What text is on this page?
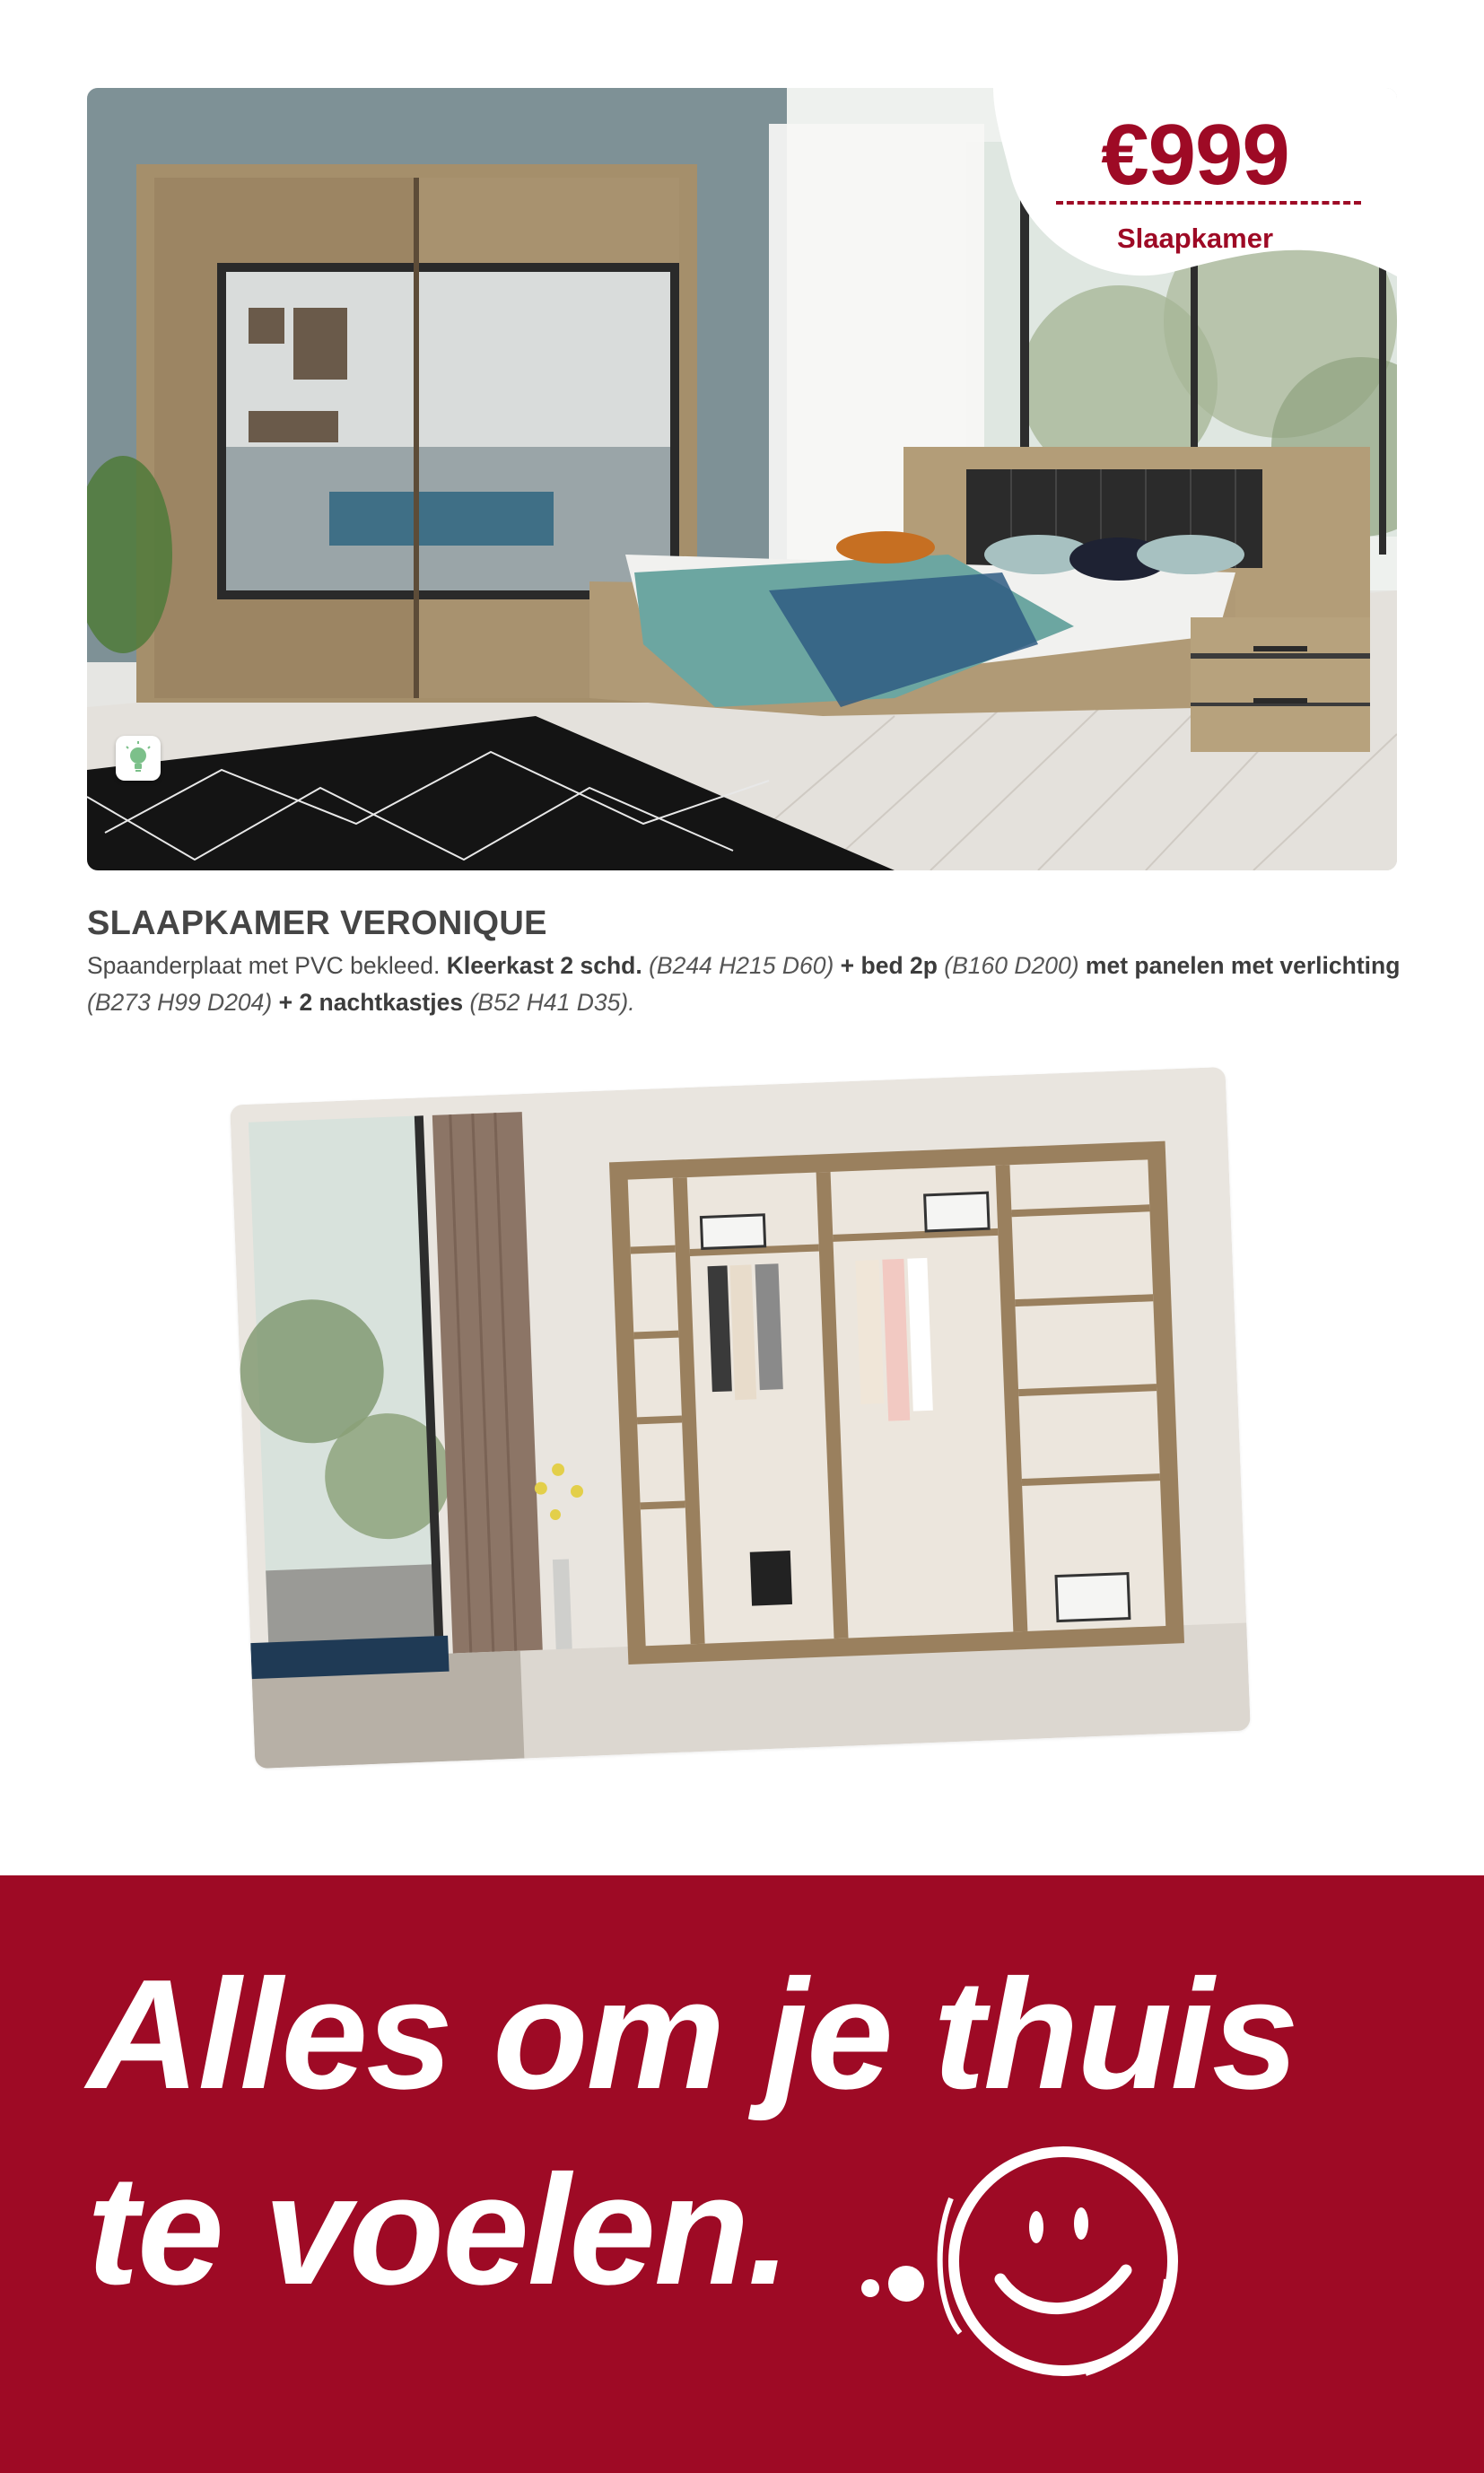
€999
Slaapkamer
SLAAPKAMER VERONIQUE

Spaanderplaat met PVC bekleed. Kleerkast 2 schd. (B244 H215 D60) + bed 2p (B160 D200) met panelen met verlichting (B273 H99 D204) + 2 nachtkastjes (B52 H41 D35).

Alles om je thuis
te voelen.
